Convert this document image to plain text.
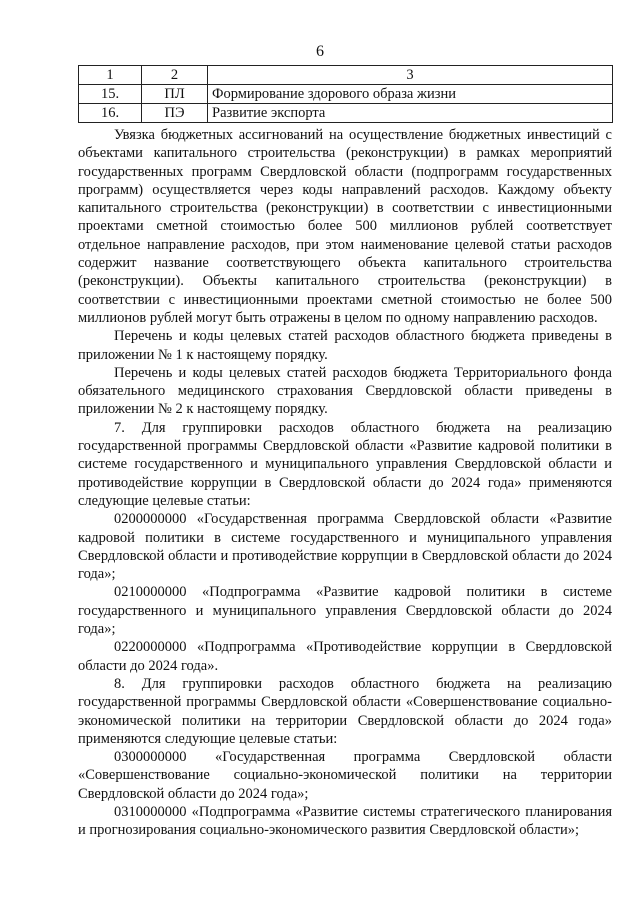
6
1	2	3
15.	ПЛ	Формирование здорового образа жизни
16.	ПЭ	Развитие экспорта

Увязка бюджетных ассигнований на осуществление бюджетных инвестиций с объектами капитального строительства (реконструкции) в рамках мероприятий государственных программ Свердловской области (подпрограмм государственных программ) осуществляется через коды направлений расходов. Каждому объекту капитального строительства (реконструкции) в соответствии с инвестиционными проектами сметной стоимостью более 500 миллионов рублей соответствует отдельное направление расходов, при этом наименование целевой статьи расходов содержит название соответствующего объекта капитального строительства (реконструкции). Объекты капитального строительства (реконструкции) в соответствии с инвестиционными проектами сметной стоимостью не более 500 миллионов рублей могут быть отражены в целом по одному направлению расходов.

Перечень и коды целевых статей расходов областного бюджета приведены в приложении № 1 к настоящему порядку.

Перечень и коды целевых статей расходов бюджета Территориального фонда обязательного медицинского страхования Свердловской области приведены в приложении № 2 к настоящему порядку.

7. Для группировки расходов областного бюджета на реализацию государственной программы Свердловской области «Развитие кадровой политики в системе государственного и муниципального управления Свердловской области и противодействие коррупции в Свердловской области до 2024 года» применяются следующие целевые статьи:

0200000000 «Государственная программа Свердловской области «Развитие кадровой политики в системе государственного и муниципального управления Свердловской области и противодействие коррупции в Свердловской области до 2024 года»;

0210000000 «Подпрограмма «Развитие кадровой политики в системе государственного и муниципального управления Свердловской области до 2024 года»;

0220000000 «Подпрограмма «Противодействие коррупции в Свердловской области до 2024 года».

8. Для группировки расходов областного бюджета на реализацию государственной программы Свердловской области «Совершенствование социально-экономической политики на территории Свердловской области до 2024 года» применяются следующие целевые статьи:

0300000000 «Государственная программа Свердловской области «Совершенствование социально-экономической политики на территории Свердловской области до 2024 года»;

0310000000 «Подпрограмма «Развитие системы стратегического планирования и прогнозирования социально-экономического развития Свердловской области»;
